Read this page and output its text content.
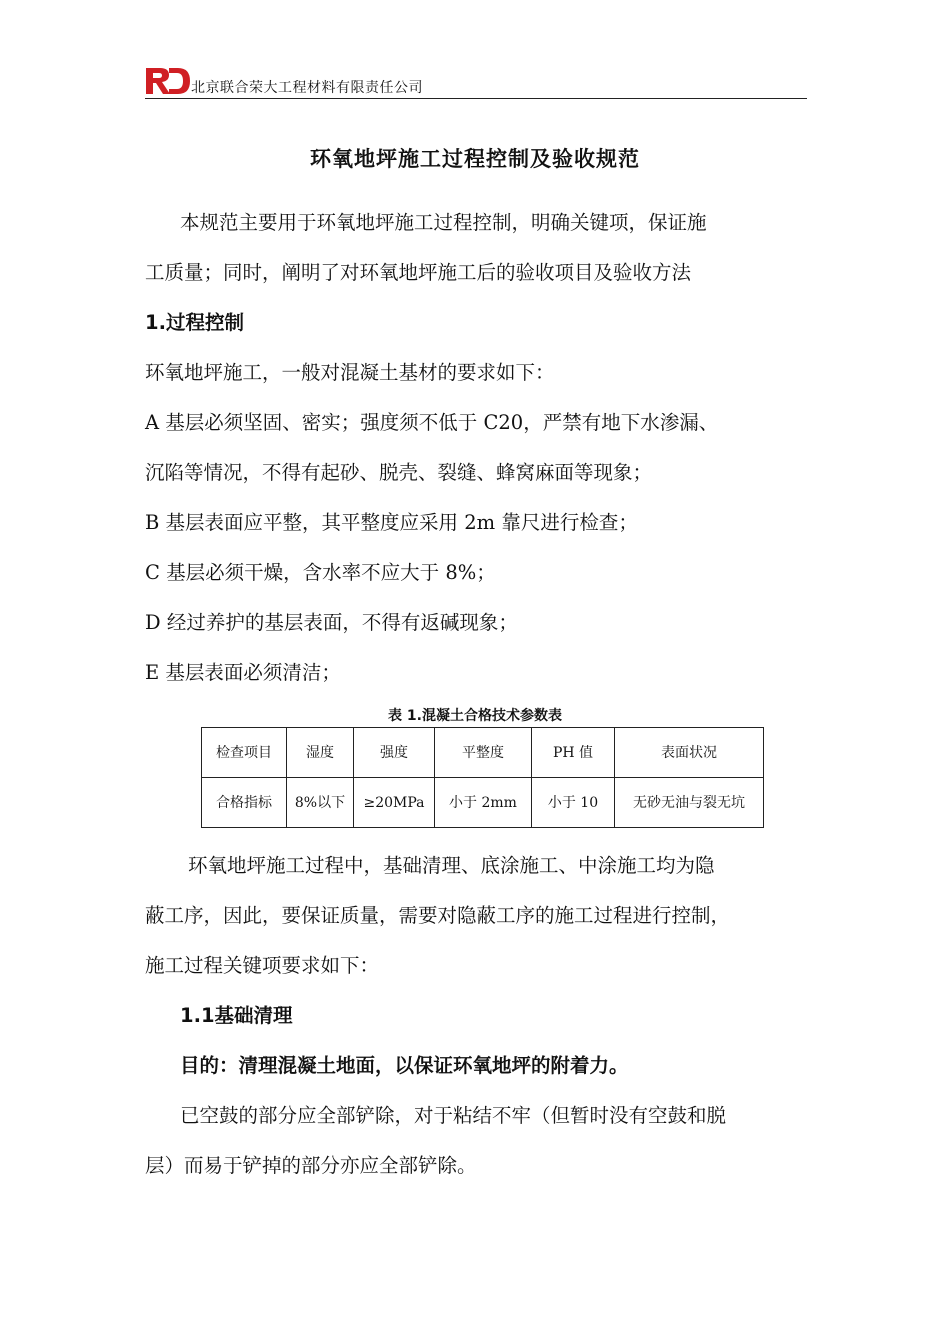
北京联合荣大工程材料有限责任公司
环氧地坪施工过程控制及验收规范
本规范主要用于环氧地坪施工过程控制，明确关键项，保证施
工质量；同时，阐明了对环氧地坪施工后的验收项目及验收方法
1.过程控制
环氧地坪施工，一般对混凝土基材的要求如下：
A 基层必须坚固、密实；强度须不低于 C20，严禁有地下水渗漏、
沉陷等情况，不得有起砂、脱壳、裂缝、蜂窝麻面等现象；
B 基层表面应平整，其平整度应采用 2m 靠尺进行检查；
C 基层必须干燥，含水率不应大于 8%；
D 经过养护的基层表面，不得有返碱现象；
E 基层表面必须清洁；
表 1.混凝土合格技术参数表
检查项目	湿度	强度	平整度	PH 值	表面状况
合格指标	8%以下	≥20MPa	小于 2mm	小于 10	无砂无油与裂无坑
环氧地坪施工过程中，基础清理、底涂施工、中涂施工均为隐
蔽工序，因此，要保证质量，需要对隐蔽工序的施工过程进行控制，
施工过程关键项要求如下：
1.1基础清理
目的：清理混凝土地面，以保证环氧地坪的附着力。
已空鼓的部分应全部铲除，对于粘结不牢（但暂时没有空鼓和脱
层）而易于铲掉的部分亦应全部铲除。
